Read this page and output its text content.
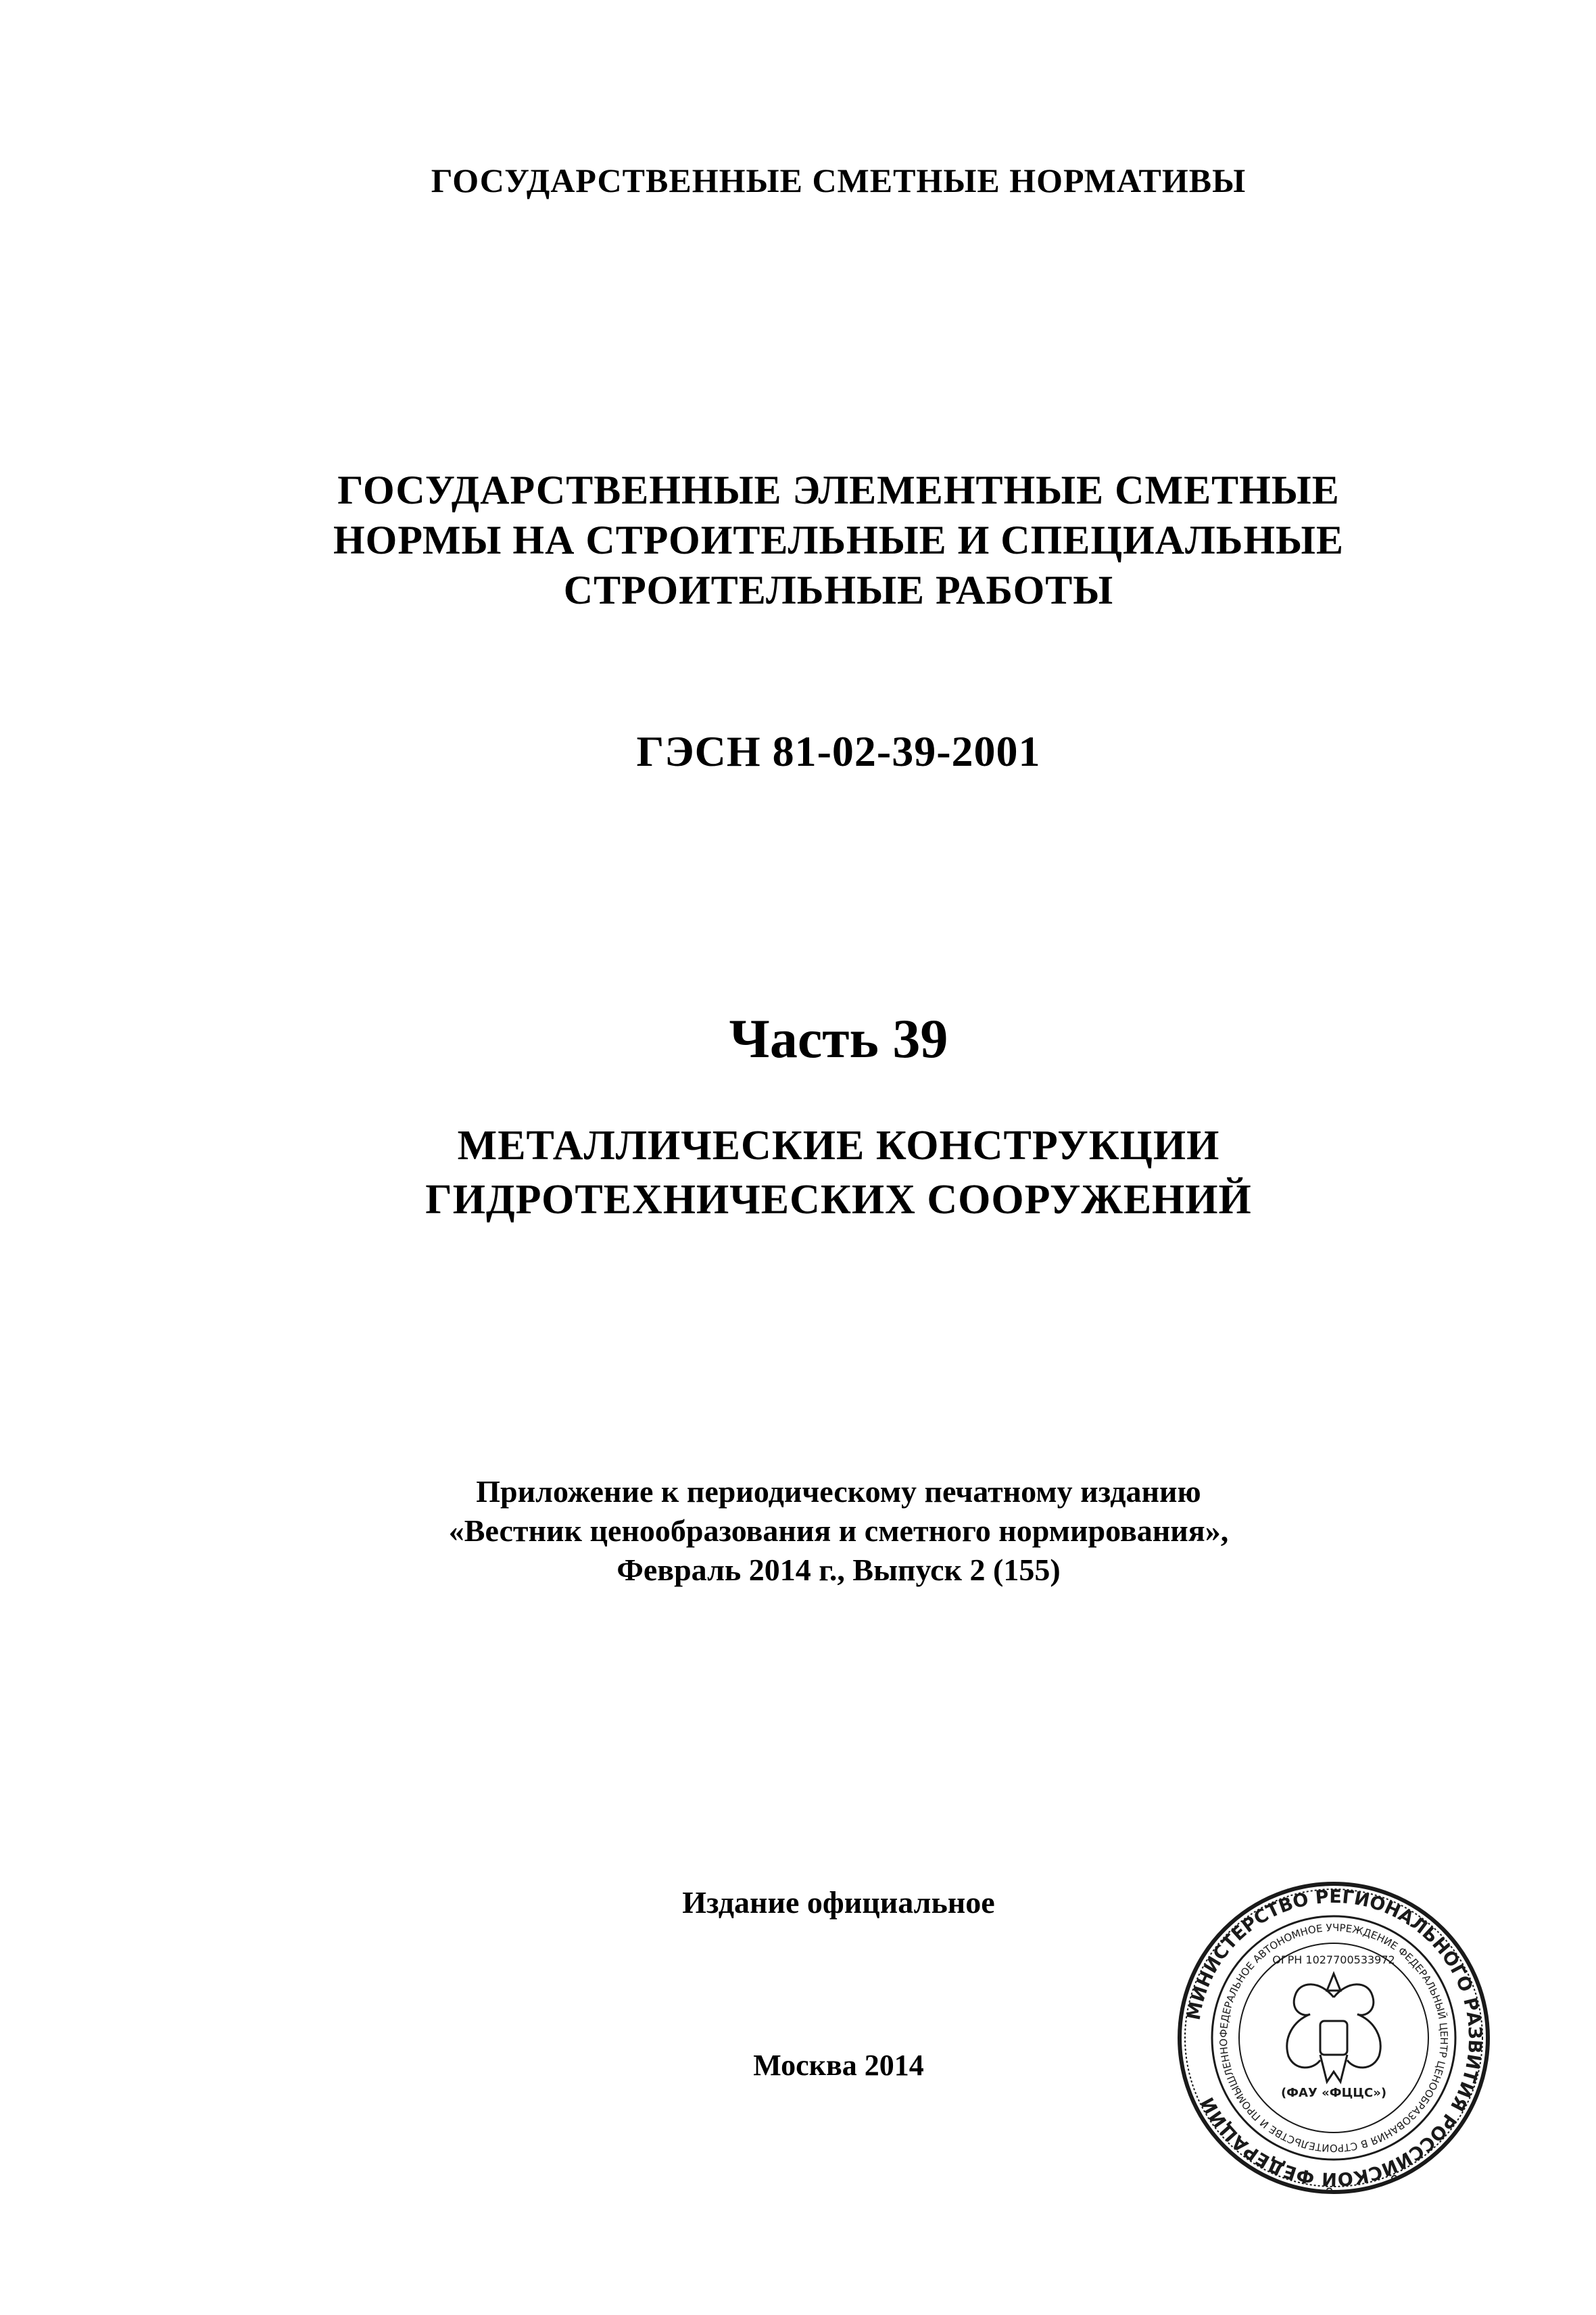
ГОСУДАРСТВЕННЫЕ СМЕТНЫЕ НОРМАТИВЫ
ГОСУДАРСТВЕННЫЕ ЭЛЕМЕНТНЫЕ СМЕТНЫЕ
НОРМЫ НА СТРОИТЕЛЬНЫЕ И СПЕЦИАЛЬНЫЕ
СТРОИТЕЛЬНЫЕ РАБОТЫ
ГЭСН 81-02-39-2001
Часть 39
МЕТАЛЛИЧЕСКИЕ КОНСТРУКЦИИ
ГИДРОТЕХНИЧЕСКИХ СООРУЖЕНИЙ
Приложение к периодическому печатному изданию
«Вестник ценообразования и сметного нормирования»,
Февраль 2014 г., Выпуск 2 (155)
Издание официальное
Москва 2014
МИНИСТЕРСТВО РЕГИОНАЛЬНОГО РАЗВИТИЯ РОССИЙСКОЙ ФЕДЕРАЦИИ
ФЕДЕРАЛЬНОЕ АВТОНОМНОЕ УЧРЕЖДЕНИЕ ФЕДЕРАЛЬНЫЙ ЦЕНТР ЦЕНООБРАЗОВАНИЯ В СТРОИТЕЛЬСТВЕ И ПРОМЫШЛЕННО
(ФАУ «ФЦЦС»)
ОГРН 1027700533972
